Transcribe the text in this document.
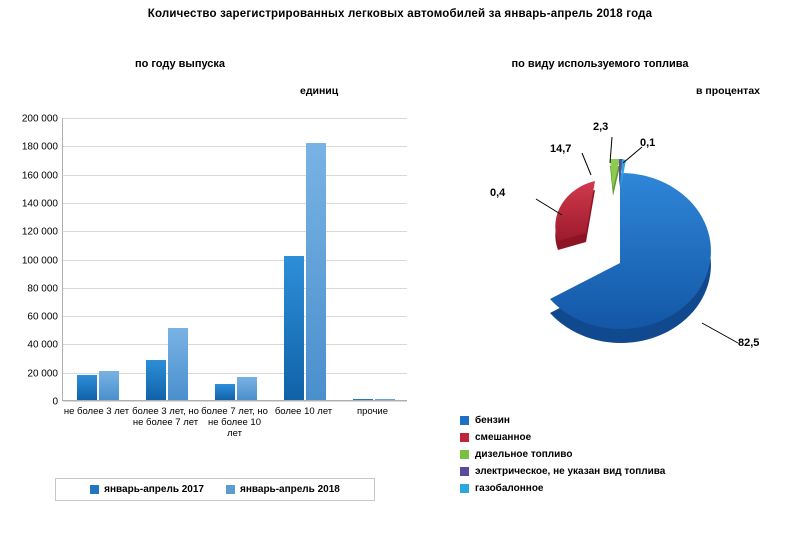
Количество зарегистрированных легковых автомобилей за январь-апрель 2018 года
по году выпуска
единиц
0
20 000
40 000
60 000
80 000
100 000
120 000
140 000
160 000
180 000
200 000
не более 3 лет более 3 лет, но не более 7 лет
более 7 лет, но не более 10 лет
более 10 лет	прочие
январь-апрель 2017	январь-апрель 2018
по виду используемого топлива
в процентах
2,3
0,1
14,7
0,4
82,5
бензин
смешанное
дизельное топливо
электрическое, не указан вид топлива
газобалонное
